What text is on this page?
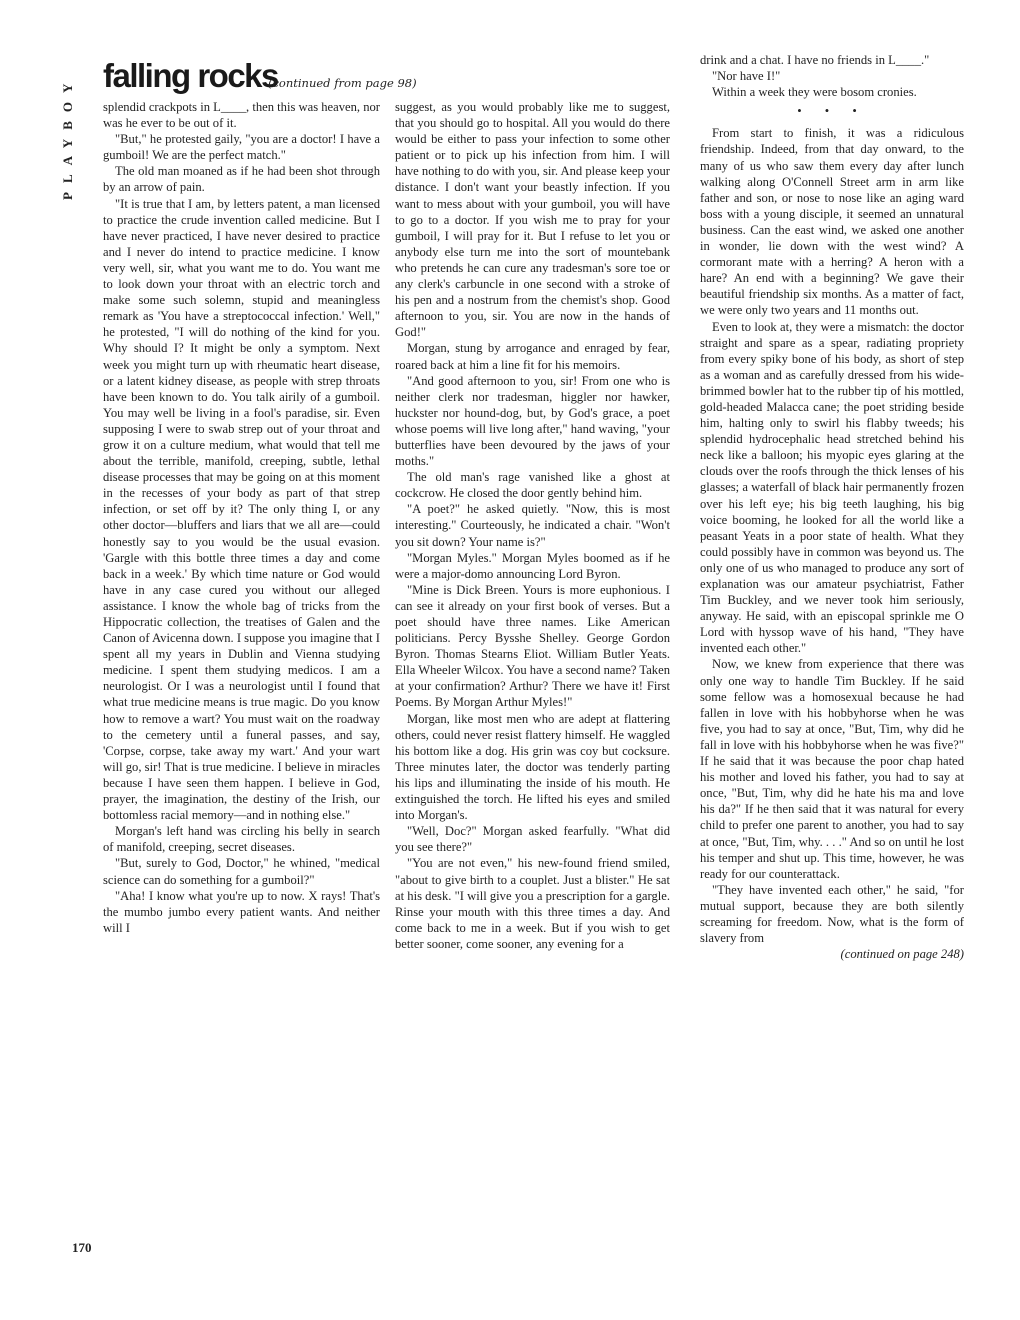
PLAYBOY falling rocks
(continued from page 98)

splendid crackpots in L____, then this was heaven, nor was he ever to be out of it.

"But," he protested gaily, "you are a doctor! I have a gumboil! We are the perfect match."

The old man moaned as if he had been shot through by an arrow of pain.

"It is true that I am, by letters patent, a man licensed to practice the crude invention called medicine. But I have never practiced, I have never desired to practice and I never do intend to practice medicine. I know very well, sir, what you want me to do. You want me to look down your throat with an electric torch and make some such solemn, stupid and meaningless remark as 'You have a streptococcal infection.' Well," he protested, "I will do nothing of the kind for you. Why should I? It might be only a symptom. Next week you might turn up with rheumatic heart disease, or a latent kidney disease, as people with strep throats have been known to do. You talk airily of a gumboil. You may well be living in a fool's paradise, sir. Even supposing I were to swab strep out of your throat and grow it on a culture medium, what would that tell me about the terrible, manifold, creeping, subtle, lethal disease processes that may be going on at this moment in the recesses of your body as part of that strep infection, or set off by it? The only thing I, or any other doctor—bluffers and liars that we all are—could honestly say to you would be the usual evasion. 'Gargle with this bottle three times a day and come back in a week.' By which time nature or God would have in any case cured you without our alleged assistance. I know the whole bag of tricks from the Hippocratic collection, the treatises of Galen and the Canon of Avicenna down. I suppose you imagine that I spent all my years in Dublin and Vienna studying medicine. I spent them studying medicos. I am a neurologist. Or I was a neurologist until I found that what true medicine means is true magic. Do you know how to remove a wart? You must wait on the roadway to the cemetery until a funeral passes, and say, 'Corpse, corpse, take away my wart.' And your wart will go, sir! That is true medicine. I believe in miracles because I have seen them happen. I believe in God, prayer, the imagination, the destiny of the Irish, our bottomless racial memory—and in nothing else."

Morgan's left hand was circling his belly in search of manifold, creeping, secret diseases.

"But, surely to God, Doctor," he whined, "medical science can do something for a gumboil?"

"Aha! I know what you're up to now. X rays! That's the mumbo jumbo every patient wants. And neither will I

suggest, as you would probably like me to suggest, that you should go to hospital. All you would do there would be either to pass your infection to some other patient or to pick up his infection from him. I will have nothing to do with you, sir. And please keep your distance. I don't want your beastly infection. If you want to mess about with your gumboil, you will have to go to a doctor. If you wish me to pray for your gumboil, I will pray for it. But I refuse to let you or anybody else turn me into the sort of mountebank who pretends he can cure any tradesman's sore toe or any clerk's carbuncle in one second with a stroke of his pen and a nostrum from the chemist's shop. Good afternoon to you, sir. You are now in the hands of God!"

Morgan, stung by arrogance and enraged by fear, roared back at him a line fit for his memoirs.

"And good afternoon to you, sir! From one who is neither clerk nor tradesman, higgler nor hawker, huckster nor hound-dog, but, by God's grace, a poet whose poems will live long after," hand waving, "your butterflies have been devoured by the jaws of your moths."

The old man's rage vanished like a ghost at cockcrow. He closed the door gently behind him.

"A poet?" he asked quietly. "Now, this is most interesting." Courteously, he indicated a chair. "Won't you sit down? Your name is?"

"Morgan Myles." Morgan Myles boomed as if he were a major-domo announcing Lord Byron.

"Mine is Dick Breen. Yours is more euphonious. I can see it already on your first book of verses. But a poet should have three names. Like American politicians. Percy Bysshe Shelley. George Gordon Byron. Thomas Stearns Eliot. William Butler Yeats. Ella Wheeler Wilcox. You have a second name? Taken at your confirmation? Arthur? There we have it! First Poems. By Morgan Arthur Myles!"

Morgan, like most men who are adept at flattering others, could never resist flattery himself. He waggled his bottom like a dog. His grin was coy but cocksure. Three minutes later, the doctor was tenderly parting his lips and illuminating the inside of his mouth. He extinguished the torch. He lifted his eyes and smiled into Morgan's.

"Well, Doc?" Morgan asked fearfully. "What did you see there?"

"You are not even," his new-found friend smiled, "about to give birth to a couplet. Just a blister." He sat at his desk. "I will give you a prescription for a gargle. Rinse your mouth with this three times a day. And come back to me in a week. But if you wish to get better sooner, come sooner, any evening for a

drink and a chat. I have no friends in L____."

"Nor have I!"

Within a week they were bosom cronies.

• • •

From start to finish, it was a ridiculous friendship. Indeed, from that day onward, to the many of us who saw them every day after lunch walking along O'Connell Street arm in arm like father and son, or nose to nose like an aging ward boss with a young disciple, it seemed an unnatural business. Can the east wind, we asked one another in wonder, lie down with the west wind? A cormorant mate with a herring? A heron with a hare? An end with a beginning? We gave their beautiful friendship six months. As a matter of fact, we were only two years and 11 months out.

Even to look at, they were a mismatch: the doctor straight and spare as a spear, radiating propriety from every spiky bone of his body, as short of step as a woman and as carefully dressed from his wide-brimmed bowler hat to the rubber tip of his mottled, gold-headed Malacca cane; the poet striding beside him, halting only to swirl his flabby tweeds; his splendid hydrocephalic head stretched behind his neck like a balloon; his myopic eyes glaring at the clouds over the roofs through the thick lenses of his glasses; a waterfall of black hair permanently frozen over his left eye; his big teeth laughing, his big voice booming, he looked for all the world like a peasant Yeats in a poor state of health. What they could possibly have in common was beyond us. The only one of us who managed to produce any sort of explanation was our amateur psychiatrist, Father Tim Buckley, and we never took him seriously, anyway. He said, with an episcopal sprinkle me O Lord with hyssop wave of his hand, "They have invented each other."

Now, we knew from experience that there was only one way to handle Tim Buckley. If he said some fellow was a homosexual because he had fallen in love with his hobbyhorse when he was five, you had to say at once, "But, Tim, why did he fall in love with his hobbyhorse when he was five?" If he said that it was because the poor chap hated his mother and loved his father, you had to say at once, "But, Tim, why did he hate his ma and love his da?" If he then said that it was natural for every child to prefer one parent to another, you had to say at once, "But, Tim, why. . . ." And so on until he lost his temper and shut up. This time, however, he was ready for our counterattack.

"They have invented each other," he said, "for mutual support, because they are both silently screaming for freedom. Now, what is the form of slavery from

(continued on page 248)
170
